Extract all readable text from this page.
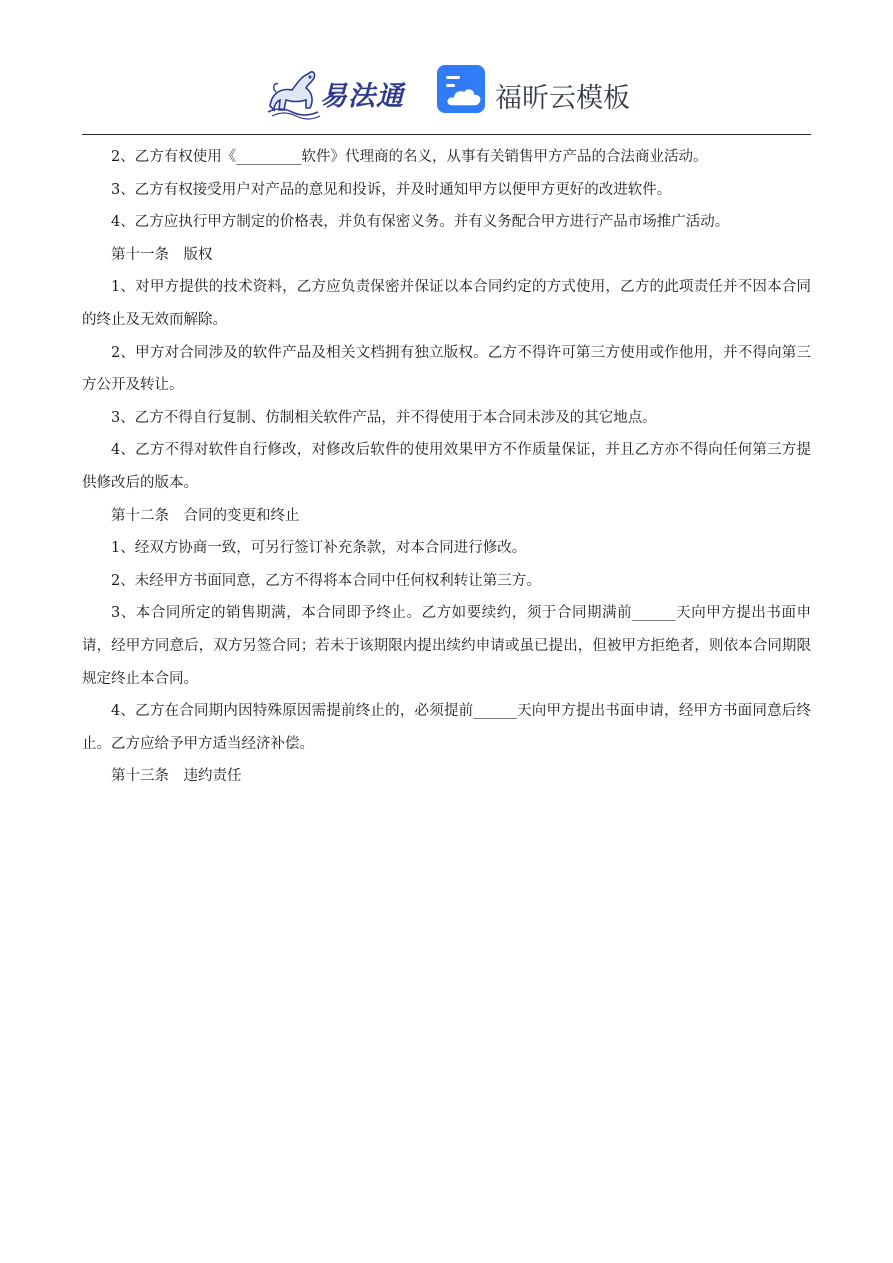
易法通	福昕云模板

2、乙方有权使用《_________软件》代理商的名义，从事有关销售甲方产品的合法商业活动。

3、乙方有权接受用户对产品的意见和投诉，并及时通知甲方以便甲方更好的改进软件。

4、乙方应执行甲方制定的价格表，并负有保密义务。并有义务配合甲方进行产品市场推广活动。

第十一条　版权

1、对甲方提供的技术资料，乙方应负责保密并保证以本合同约定的方式使用，乙方的此项责任并不因本合同的终止及无效而解除。

2、甲方对合同涉及的软件产品及相关文档拥有独立版权。乙方不得许可第三方使用或作他用，并不得向第三方公开及转让。

3、乙方不得自行复制、仿制相关软件产品，并不得使用于本合同未涉及的其它地点。

4、乙方不得对软件自行修改，对修改后软件的使用效果甲方不作质量保证，并且乙方亦不得向任何第三方提供修改后的版本。

第十二条　合同的变更和终止

1、经双方协商一致，可另行签订补充条款，对本合同进行修改。

2、未经甲方书面同意，乙方不得将本合同中任何权利转让第三方。

3、本合同所定的销售期满，本合同即予终止。乙方如要续约，须于合同期满前______天向甲方提出书面申请，经甲方同意后，双方另签合同；若未于该期限内提出续约申请或虽已提出，但被甲方拒绝者，则依本合同期限规定终止本合同。

4、乙方在合同期内因特殊原因需提前终止的，必须提前______天向甲方提出书面申请，经甲方书面同意后终止。乙方应给予甲方适当经济补偿。

第十三条　违约责任
